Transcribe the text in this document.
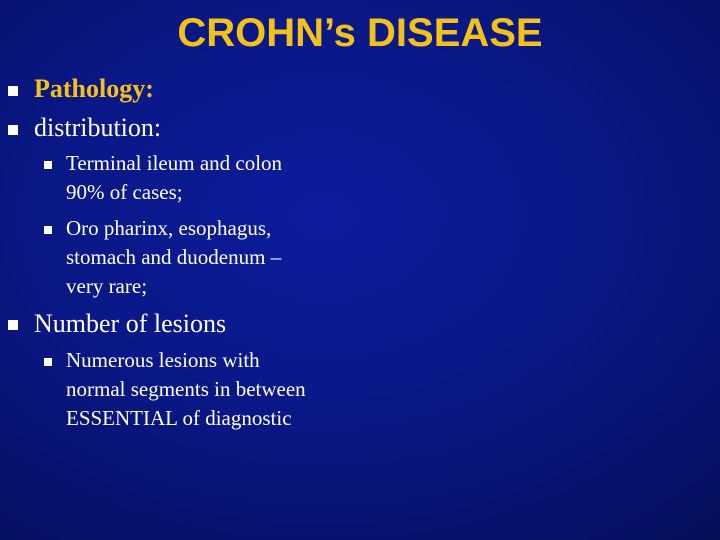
CROHN’s DISEASE
Pathology:
distribution:
Terminal ileum and colon
90% of cases;
Oro pharinx, esophagus,
stomach and duodenum –
very rare;
Number of lesions
Numerous lesions with
normal segments in between
ESSENTIAL of diagnostic
